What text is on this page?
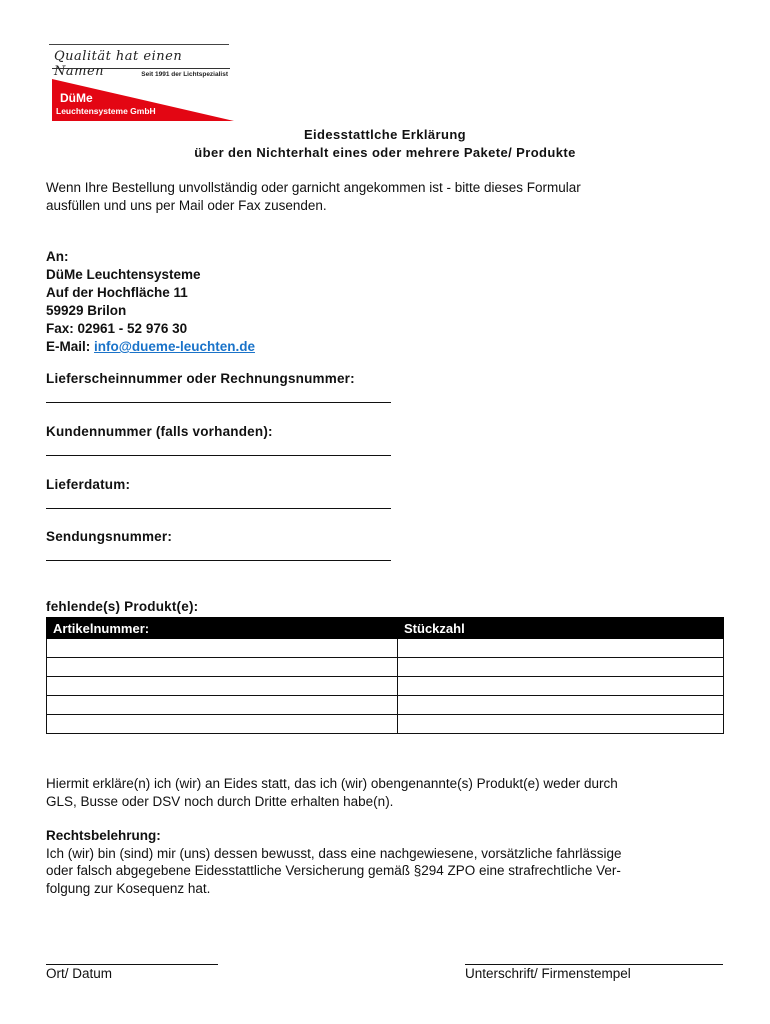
Qualität hat einen Namen	Seit 1991 der Lichtspezialist
DüMe
Leuchtensysteme GmbH
Eidesstattlche Erklärung
über den Nichterhalt eines oder mehrere Pakete/ Produkte
Wenn Ihre Bestellung unvollständig oder garnicht angekommen ist - bitte dieses Formular
ausfüllen und uns per Mail oder Fax zusenden.
An:
DüMe Leuchtensysteme
Auf der Hochfläche 11
59929 Brilon
Fax: 02961 - 52 976 30
E-Mail: info@dueme-leuchten.de
Lieferscheinnummer oder Rechnungsnummer:
Kundennummer (falls vorhanden):
Lieferdatum:
Sendungsnummer:
fehlende(s) Produkt(e):
Artikelnummer:	Stückzahl

Hiermit erkläre(n) ich (wir) an Eides statt, das ich (wir) obengenannte(s) Produkt(e) weder durch
GLS, Busse oder DSV noch durch Dritte erhalten habe(n).
Rechtsbelehrung:
Ich (wir) bin (sind) mir (uns) dessen bewusst, dass eine nachgewiesene, vorsätzliche fahrlässige
oder falsch abgegebene Eidesstattliche Versicherung gemäß §294 ZPO eine strafrechtliche Ver-
folgung zur Kosequenz hat.
Ort/ Datum	Unterschrift/ Firmenstempel
